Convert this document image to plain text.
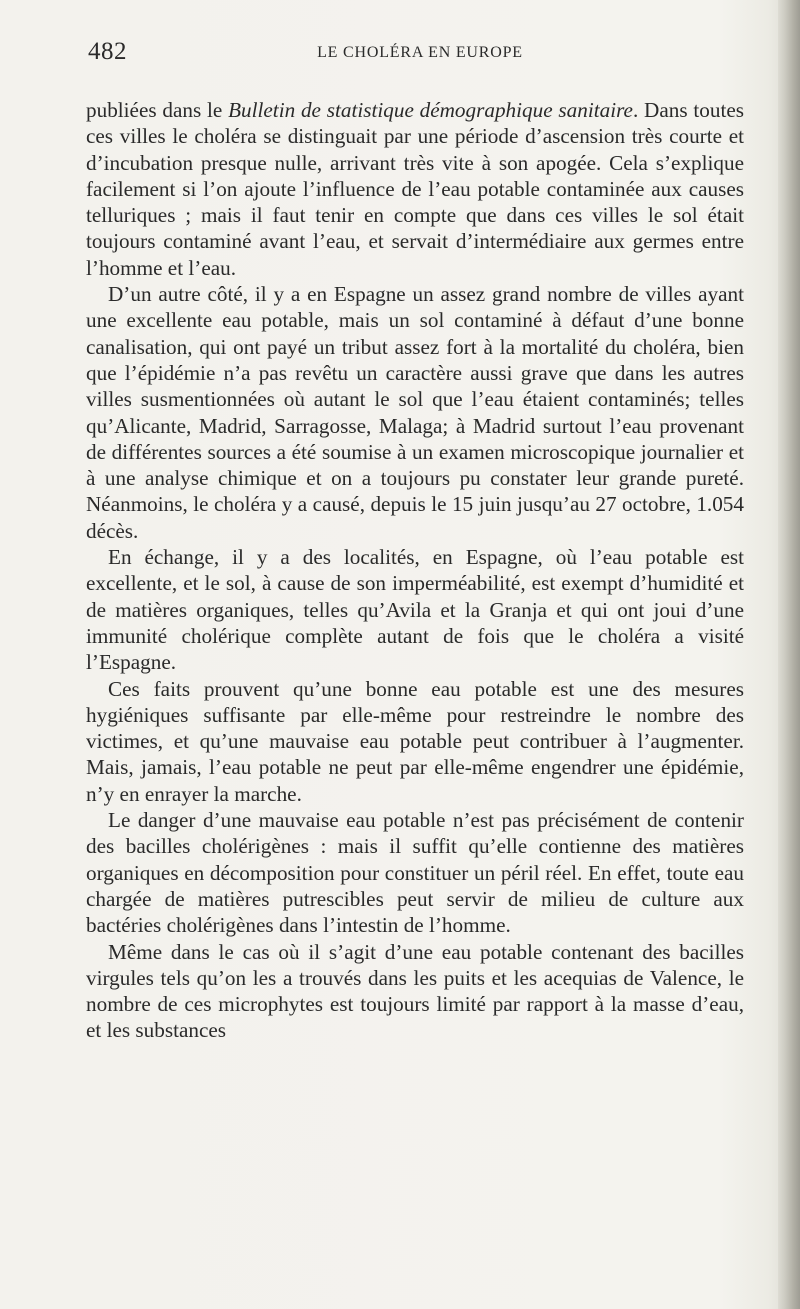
482	LE CHOLÉRA EN EUROPE

publiées dans le Bulletin de statistique démographique sanitaire. Dans toutes ces villes le choléra se distinguait par une période d’ascension très courte et d’incubation presque nulle, arrivant très vite à son apogée. Cela s’explique facilement si l’on ajoute l’influence de l’eau potable contaminée aux causes telluriques ; mais il faut tenir en compte que dans ces villes le sol était toujours contaminé avant l’eau, et servait d’intermédiaire aux germes entre l’homme et l’eau.

D’un autre côté, il y a en Espagne un assez grand nombre de villes ayant une excellente eau potable, mais un sol contaminé à défaut d’une bonne canalisation, qui ont payé un tribut assez fort à la mortalité du choléra, bien que l’épidémie n’a pas revêtu un caractère aussi grave que dans les autres villes susmentionnées où autant le sol que l’eau étaient contaminés; telles qu’Alicante, Madrid, Sarragosse, Malaga; à Madrid surtout l’eau provenant de différentes sources a été soumise à un examen microscopique journalier et à une analyse chimique et on a toujours pu constater leur grande pureté. Néanmoins, le choléra y a causé, depuis le 15 juin jusqu’au 27 octobre, 1.054 décès.

En échange, il y a des localités, en Espagne, où l’eau potable est excellente, et le sol, à cause de son imperméabilité, est exempt d’humidité et de matières organiques, telles qu’Avila et la Granja et qui ont joui d’une immunité cholérique complète autant de fois que le choléra a visité l’Espagne.

Ces faits prouvent qu’une bonne eau potable est une des mesures hygiéniques suffisante par elle-même pour restreindre le nombre des victimes, et qu’une mauvaise eau potable peut contribuer à l’augmenter. Mais, jamais, l’eau potable ne peut par elle-même engendrer une épidémie, n’y en enrayer la marche.

Le danger d’une mauvaise eau potable n’est pas précisément de contenir des bacilles cholérigènes : mais il suffit qu’elle contienne des matières organiques en décomposition pour constituer un péril réel. En effet, toute eau chargée de matières putrescibles peut servir de milieu de culture aux bactéries cholérigènes dans l’intestin de l’homme.

Même dans le cas où il s’agit d’une eau potable contenant des bacilles virgules tels qu’on les a trouvés dans les puits et les acequias de Valence, le nombre de ces microphytes est toujours limité par rapport à la masse d’eau, et les substances
